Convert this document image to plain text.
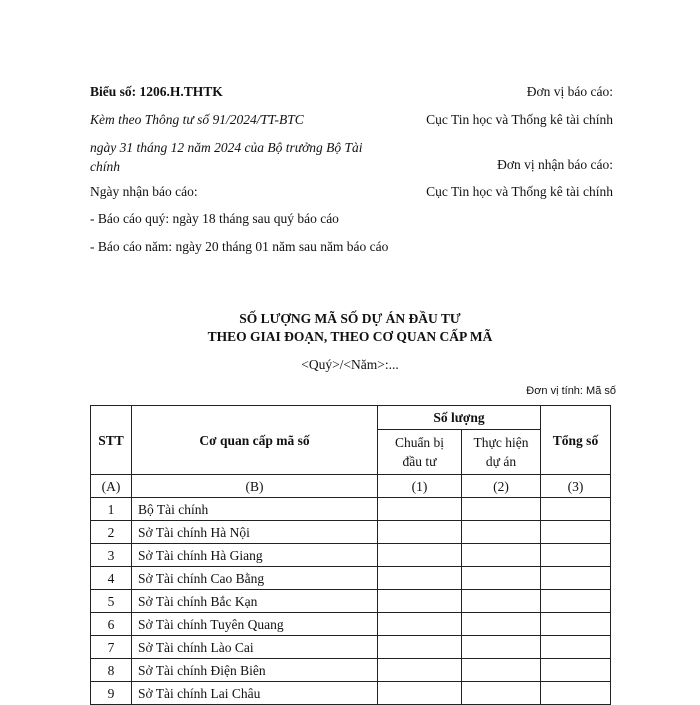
Biểu số: 1206.H.THTK
Kèm theo Thông tư số 91/2024/TT-BTC
ngày 31 tháng 12 năm 2024 của Bộ trưởng Bộ Tài chính
Ngày nhận báo cáo:
- Báo cáo quý: ngày 18 tháng sau quý báo cáo
- Báo cáo năm: ngày 20 tháng 01 năm sau năm báo cáo
Đơn vị báo cáo:
Cục Tin học và Thống kê tài chính
Đơn vị nhận báo cáo:
Cục Tin học và Thống kê tài chính
SỐ LƯỢNG MÃ SỐ DỰ ÁN ĐẦU TƯ
THEO GIAI ĐOẠN, THEO CƠ QUAN CẤP MÃ
<Quý>/<Năm>:...
Đơn vị tính: Mã số
STT	Cơ quan cấp mã số	Số lượng		Tổng số
		Chuẩn bị đầu tư	Thực hiện dự án	
(A)	(B)	(1)	(2)	(3)
1	Bộ Tài chính			
2	Sở Tài chính Hà Nội			
3	Sở Tài chính Hà Giang			
4	Sở Tài chính Cao Bằng			
5	Sở Tài chính Bắc Kạn			
6	Sở Tài chính Tuyên Quang			
7	Sở Tài chính Lào Cai			
8	Sở Tài chính Điện Biên			
9	Sở Tài chính Lai Châu			
